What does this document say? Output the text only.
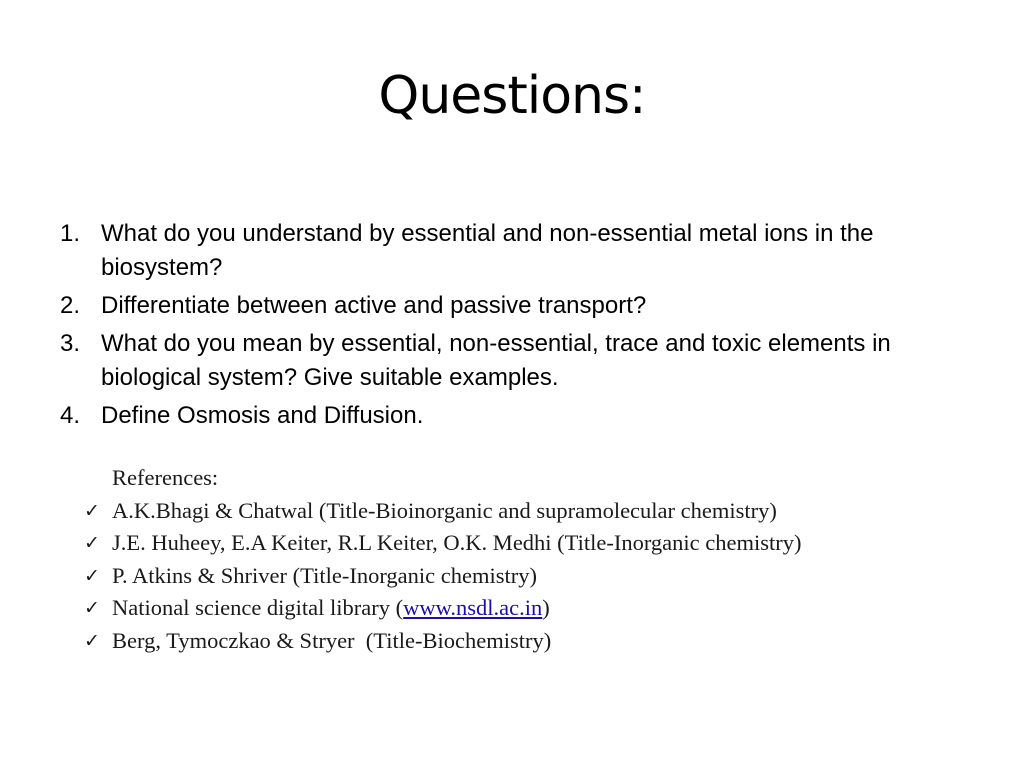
Questions:
1. What do you understand by essential and non-essential metal ions in the biosystem?
2. Differentiate between active and passive transport?
3. What do you mean by essential, non-essential, trace and toxic elements in biological system? Give suitable examples.
4. Define Osmosis and Diffusion.
References:
✓ A.K.Bhagi & Chatwal (Title-Bioinorganic and supramolecular chemistry)
✓ J.E. Huheey, E.A Keiter, R.L Keiter, O.K. Medhi (Title-Inorganic chemistry)
✓ P. Atkins & Shriver (Title-Inorganic chemistry)
✓ National science digital library (www.nsdl.ac.in)
✓ Berg, Tymoczkao & Stryer  (Title-Biochemistry)
